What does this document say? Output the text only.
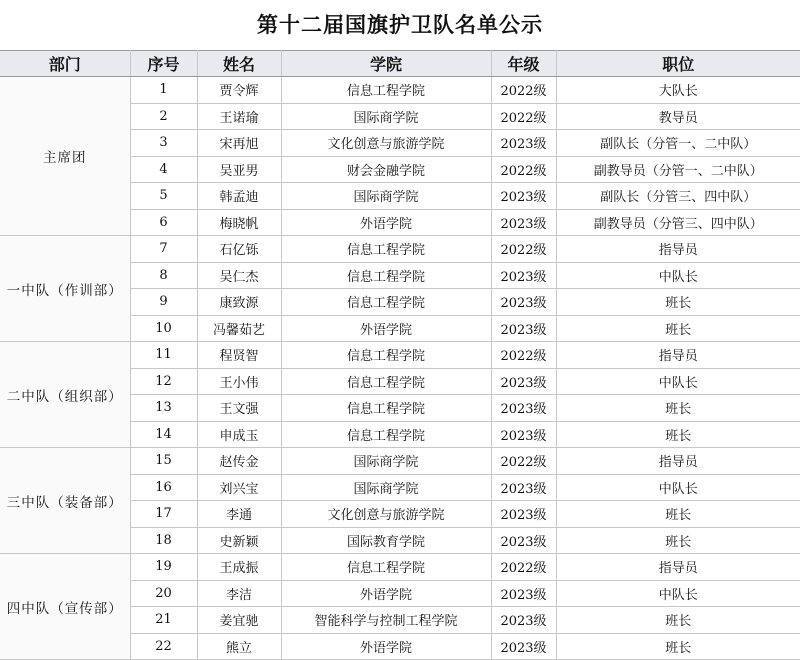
第十二届国旗护卫队名单公示
部门	序号	姓名	学院	年级	职位
主席团	1	贾令辉	信息工程学院	2022级	大队长
	2	王诺瑜	国际商学院	2022级	教导员
	3	宋再旭	文化创意与旅游学院	2023级	副队长（分管一、二中队）
	4	吴亚男	财会金融学院	2022级	副教导员（分管一、二中队）
	5	韩孟迪	国际商学院	2023级	副队长（分管三、四中队）
	6	梅晓帆	外语学院	2023级	副教导员（分管三、四中队）
一中队（作训部）	7	石亿铄	信息工程学院	2022级	指导员
	8	吴仁杰	信息工程学院	2023级	中队长
	9	康致源	信息工程学院	2023级	班长
	10	冯馨茹艺	外语学院	2023级	班长
二中队（组织部）	11	程贤智	信息工程学院	2022级	指导员
	12	王小伟	信息工程学院	2023级	中队长
	13	王文强	信息工程学院	2023级	班长
	14	申成玉	信息工程学院	2023级	班长
三中队（装备部）	15	赵传金	国际商学院	2022级	指导员
	16	刘兴宝	国际商学院	2023级	中队长
	17	李通	文化创意与旅游学院	2023级	班长
	18	史新颖	国际教育学院	2023级	班长
四中队（宣传部）	19	王成振	信息工程学院	2022级	指导员
	20	李洁	外语学院	2023级	中队长
	21	姜宜驰	智能科学与控制工程学院	2023级	班长
	22	熊立	外语学院	2023级	班长
